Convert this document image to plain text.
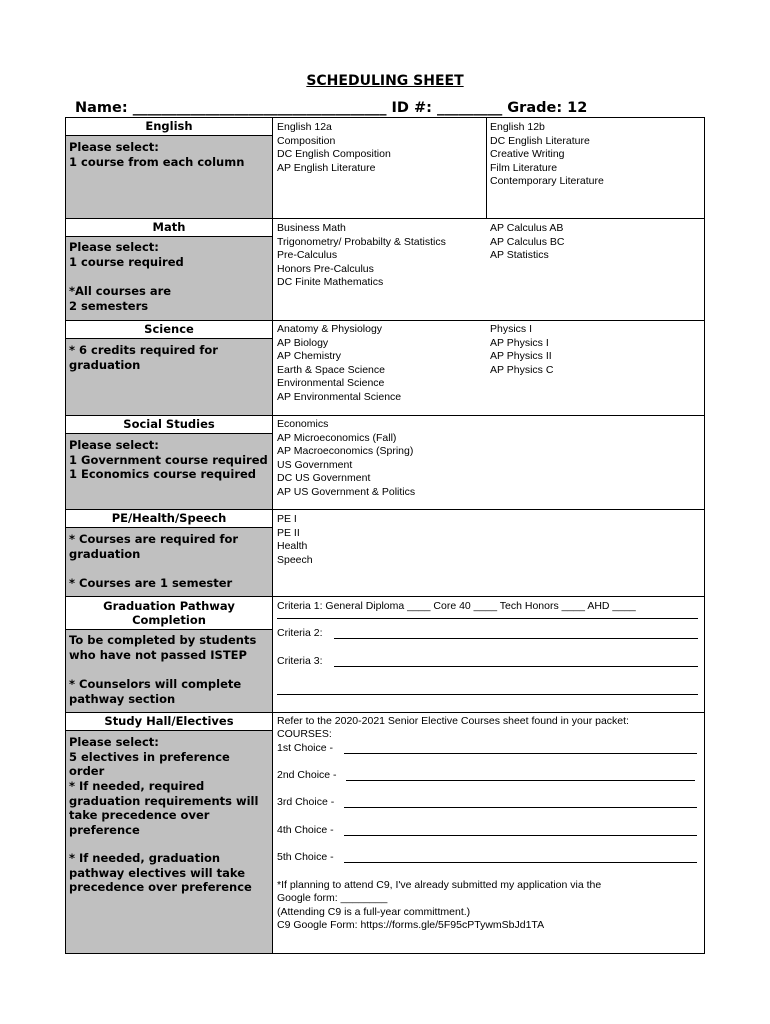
SCHEDULING SHEET
Name: ___________________________________ ID #: _________ Grade: 12
English
Please select:
1 course from each column
English 12a
Composition
DC English Composition
AP English Literature
English 12b
DC English Literature
Creative Writing
Film Literature
Contemporary Literature
Math
Please select:
1 course required
*All courses are
2 semesters
Business Math
Trigonometry/ Probabilty & Statistics
Pre-Calculus
Honors Pre-Calculus
DC Finite Mathematics
AP Calculus AB
AP Calculus BC
AP Statistics
Science
* 6 credits required for
graduation
Anatomy & Physiology
AP Biology
AP Chemistry
Earth & Space Science
Environmental Science
AP Environmental Science
Physics I
AP Physics I
AP Physics II
AP Physics C
Social Studies
Please select:
1 Government course required
1 Economics course required
Economics
AP Microeconomics (Fall)
AP Macroeconomics (Spring)
US Government
DC US Government
AP US Government & Politics
PE/Health/Speech
* Courses are required for
graduation
* Courses are 1 semester
PE I
PE II
Health
Speech
Graduation Pathway
Completion
To be completed by students
who have not passed ISTEP
* Counselors will complete
pathway section
Criteria 1: General Diploma ____ Core 40 ____ Tech Honors ____ AHD ____
Criteria 2:
Criteria 3:
Study Hall/Electives
Please select:
5 electives in preference order
* If needed, required
graduation requirements will
take precedence over
preference
* If needed, graduation
pathway electives will take
precedence over preference
Refer to the 2020-2021 Senior Elective Courses sheet found in your packet:
COURSES:
1st Choice -
2nd Choice -
3rd Choice -
4th Choice -
5th Choice -
*If planning to attend C9, I've already submitted my application via the
Google form: ________
(Attending C9 is a full-year committment.)
C9 Google Form: https://forms.gle/5F95cPTywmSbJd1TA
